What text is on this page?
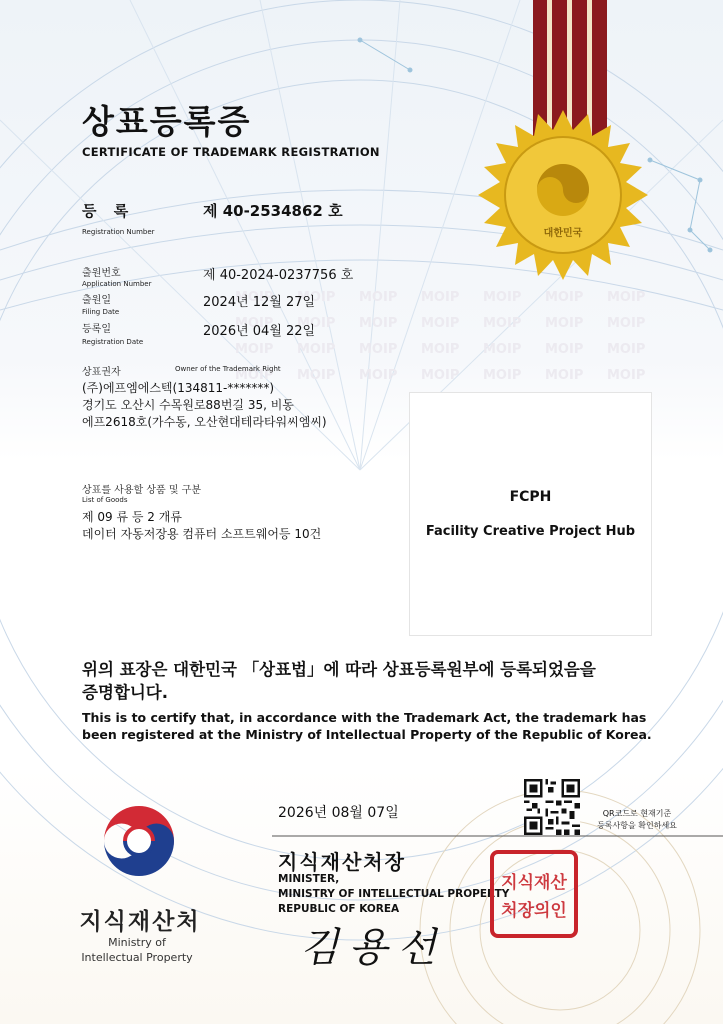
대한민국
상표등록증
CERTIFICATE OF TRADEMARK REGISTRATION
등 록
Registration Number
제 40-2534862 호
출원번호
Application Number
제 40-2024-0237756 호
출원일
Filing Date
2024년 12월 27일
등록일
Registration Date
2026년 04월 22일
상표권자	Owner of the Trademark Right
(주)에프엠에스텍(134811-*******)
경기도 오산시 수목원로88번길 35, 비동
에프2618호(가수동, 오산현대테라타워씨엠씨)
상표를 사용할 상품 및 구분
List of Goods
제 09 류 등 2 개류
데이터 자동저장용 컴퓨터 소프트웨어등 10건
FCPH
Facility Creative Project Hub
위의 표장은 대한민국 「상표법」에 따라 상표등록원부에 등록되었음을
증명합니다.
This is to certify that, in accordance with the Trademark Act, the trademark has
been registered at the Ministry of Intellectual Property of the Republic of Korea.
2026년 08월 07일	QR코드로 현재기준
등록사항을 확인하세요
지식재산처장
MINISTER,
MINISTRY OF INTELLECTUAL PROPERTY
REPUBLIC OF KOREA
지식재산
처장의인
김용선
지식재산처
Ministry of
Intellectual Property
